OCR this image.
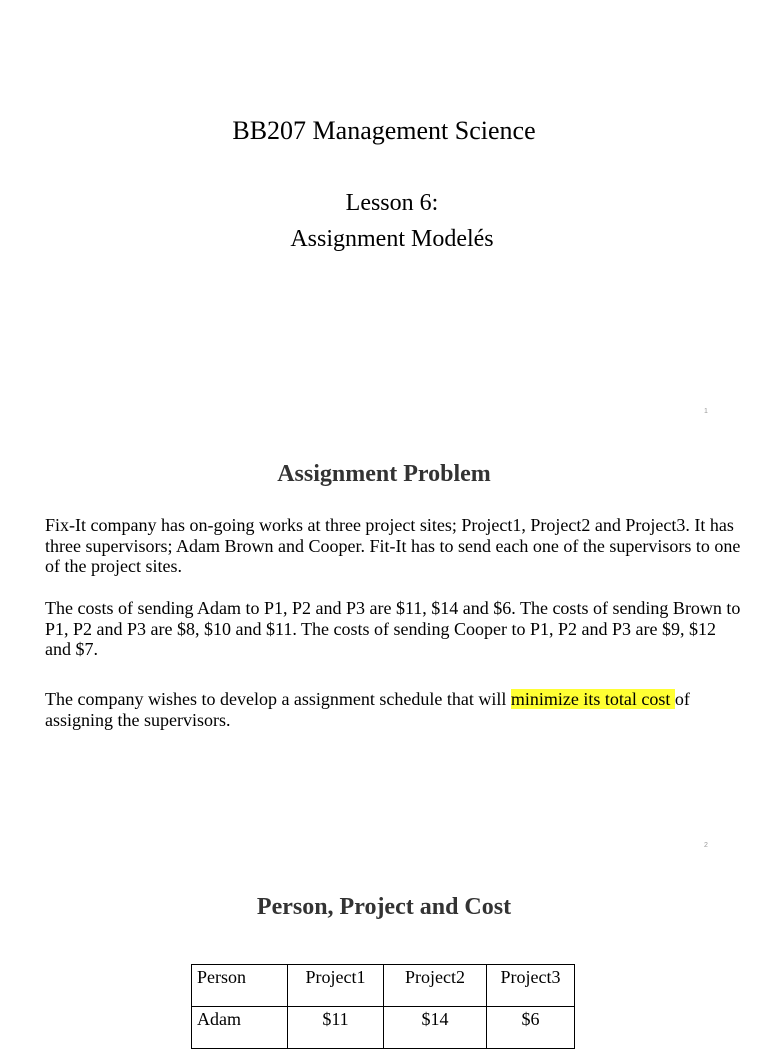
BB207 Management Science
Lesson 6:
Assignment Modelés
1
Assignment Problem

Fix-It company has on-going works at three project sites; Project1, Project2 and Project3. It has three supervisors; Adam Brown and Cooper. Fit-It has to send each one of the supervisors to one of the project sites.

The costs of sending Adam to P1, P2 and P3 are $11, $14 and $6. The costs of sending Brown to P1, P2 and P3 are $8, $10 and $11. The costs of sending Cooper to P1, P2 and P3 are $9, $12 and $7.

The company wishes to develop a assignment schedule that will minimize its total cost of assigning the supervisors.

2
Person, Project and Cost
Person	Project1	Project2	Project3
Adam	$11	$14	$6
